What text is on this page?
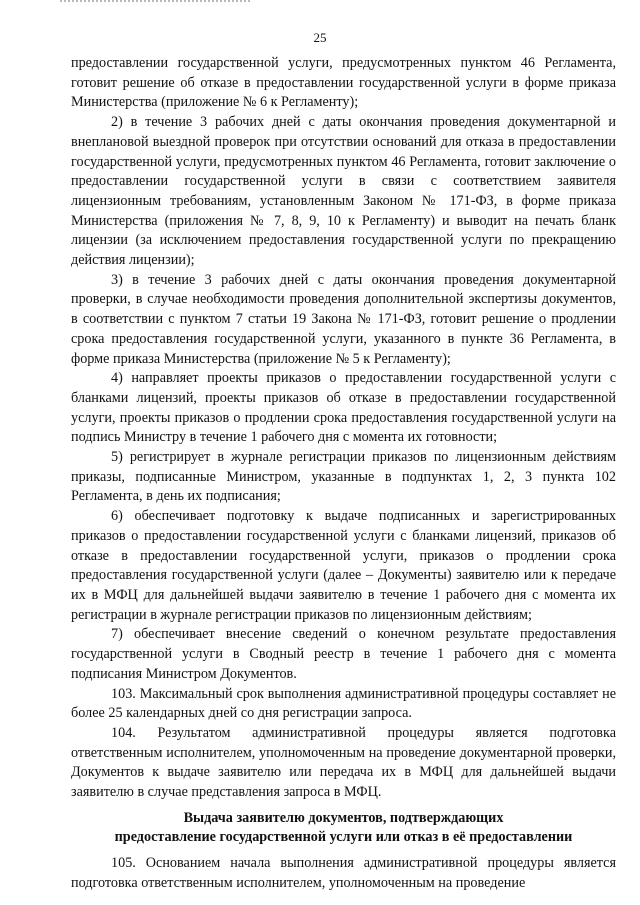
25

предоставлении государственной услуги, предусмотренных пунктом 46 Регламента, готовит решение об отказе в предоставлении государственной услуги в форме приказа Министерства (приложение № 6 к Регламенту);

2) в течение 3 рабочих дней с даты окончания проведения документарной и внеплановой выездной проверок при отсутствии оснований для отказа в предоставлении государственной услуги, предусмотренных пунктом 46 Регламента, готовит заключение о предоставлении государственной услуги в связи с соответствием заявителя лицензионным требованиям, установленным Законом № 171-ФЗ, в форме приказа Министерства (приложения № 7, 8, 9, 10 к Регламенту) и выводит на печать бланк лицензии (за исключением предоставления государственной услуги по прекращению действия лицензии);

3) в течение 3 рабочих дней с даты окончания проведения документарной проверки, в случае необходимости проведения дополнительной экспертизы документов, в соответствии с пунктом 7 статьи 19 Закона № 171-ФЗ, готовит решение о продлении срока предоставления государственной услуги, указанного в пункте 36 Регламента, в форме приказа Министерства (приложение № 5 к Регламенту);

4) направляет проекты приказов о предоставлении государственной услуги с бланками лицензий, проекты приказов об отказе в предоставлении государственной услуги, проекты приказов о продлении срока предоставления государственной услуги на подпись Министру в течение 1 рабочего дня с момента их готовности;

5) регистрирует в журнале регистрации приказов по лицензионным действиям приказы, подписанные Министром, указанные в подпунктах 1, 2, 3 пункта 102 Регламента, в день их подписания;

6) обеспечивает подготовку к выдаче подписанных и зарегистрированных приказов о предоставлении государственной услуги с бланками лицензий, приказов об отказе в предоставлении государственной услуги, приказов о продлении срока предоставления государственной услуги (далее – Документы) заявителю или к передаче их в МФЦ для дальнейшей выдачи заявителю в течение 1 рабочего дня с момента их регистрации в журнале регистрации приказов по лицензионным действиям;

7) обеспечивает внесение сведений о конечном результате предоставления государственной услуги в Сводный реестр в течение 1 рабочего дня с момента подписания Министром Документов.

103. Максимальный срок выполнения административной процедуры составляет не более 25 календарных дней со дня регистрации запроса.

104. Результатом административной процедуры является подготовка ответственным исполнителем, уполномоченным на проведение документарной проверки, Документов к выдаче заявителю или передача их в МФЦ для дальнейшей выдачи заявителю в случае представления запроса в МФЦ.

Выдача заявителю документов, подтверждающих
предоставление государственной услуги или отказ в её предоставлении

105. Основанием начала выполнения административной процедуры является подготовка ответственным исполнителем, уполномоченным на проведение
